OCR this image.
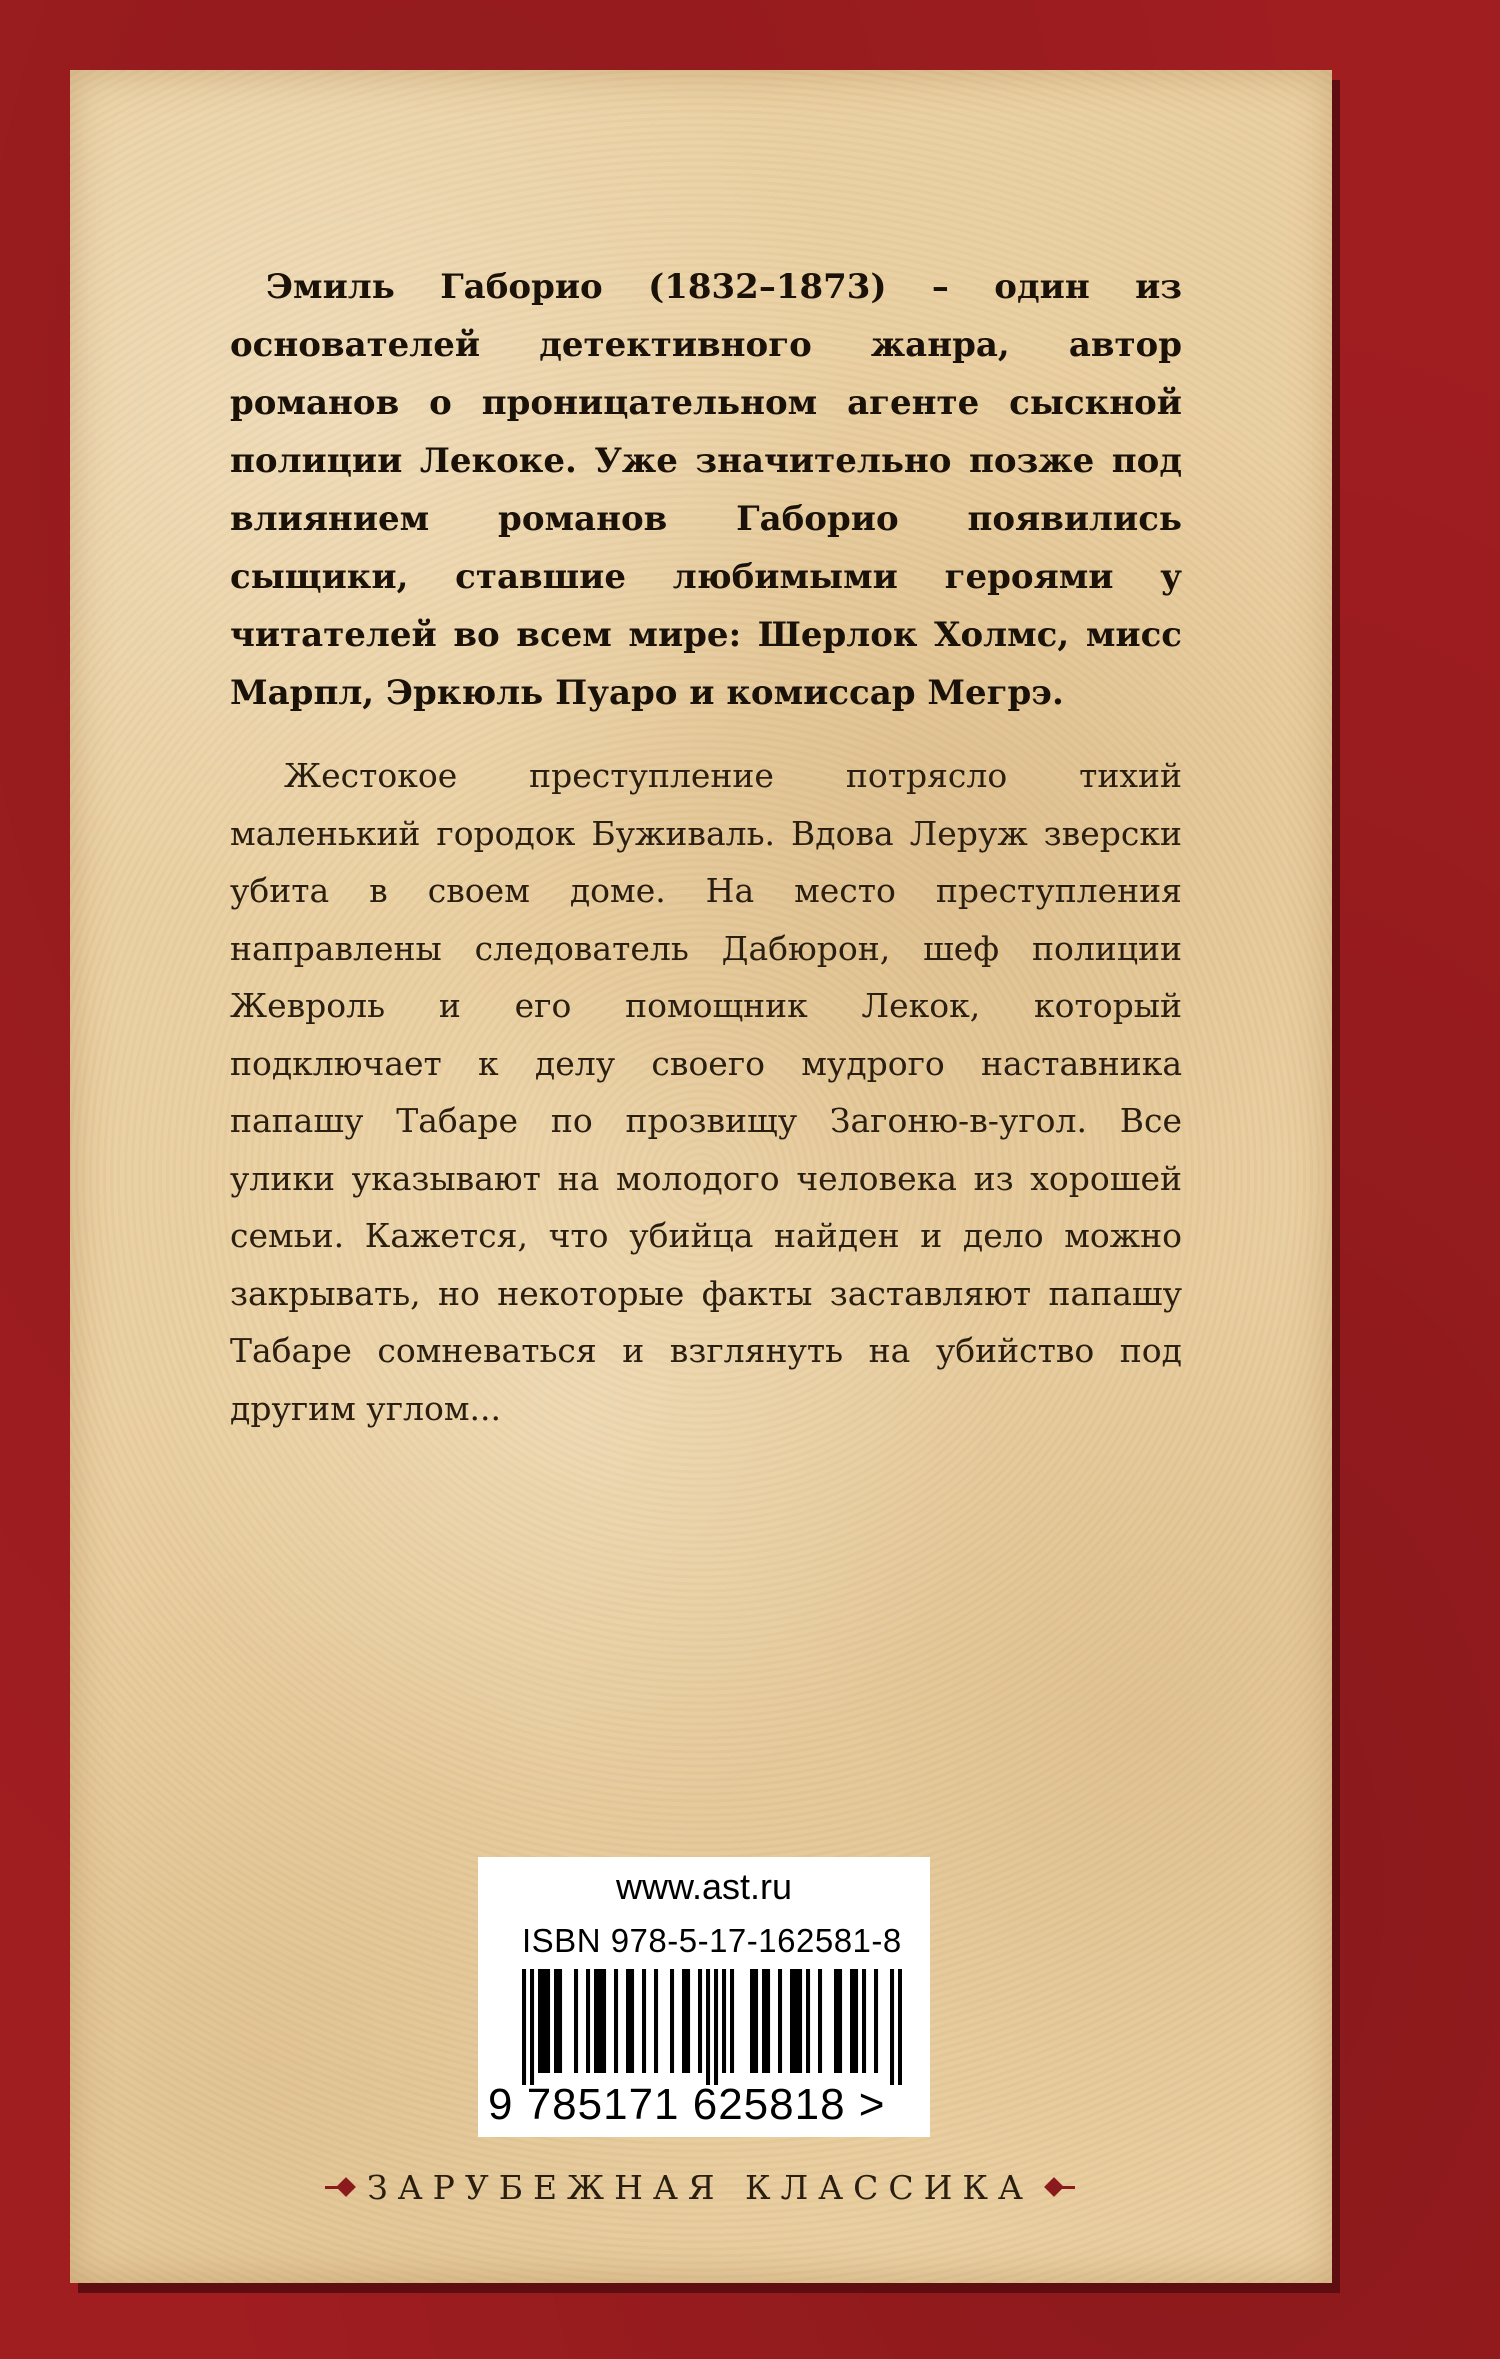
Эмиль Габорио (1832–1873) – один из основателей детективного жанра, автор романов о проницательном агенте сыскной полиции Лекоке. Уже значительно позже под влиянием романов Габорио появились сыщики, ставшие любимыми героями у читателей во всем мире: Шерлок Холмс, мисс Марпл, Эркюль Пуаро и комиссар Мегрэ.

Жестокое преступление потрясло тихий маленький городок Буживаль. Вдова Леруж зверски убита в своем доме. На место преступления направлены следователь Дабюрон, шеф полиции Жевроль и его помощник Лекок, который подключает к делу своего мудрого наставника папашу Табаре по прозвищу Загоню-в-угол. Все улики указывают на молодого человека из хорошей семьи. Кажется, что убийца найден и дело можно закрывать, но некоторые факты заставляют папашу Табаре сомневаться и взглянуть на убийство под другим углом...

www.ast.ru
ISBN 978-5-17-162581-8
9 785171 625818 >
ЗАРУБЕЖНАЯ КЛАССИКА
